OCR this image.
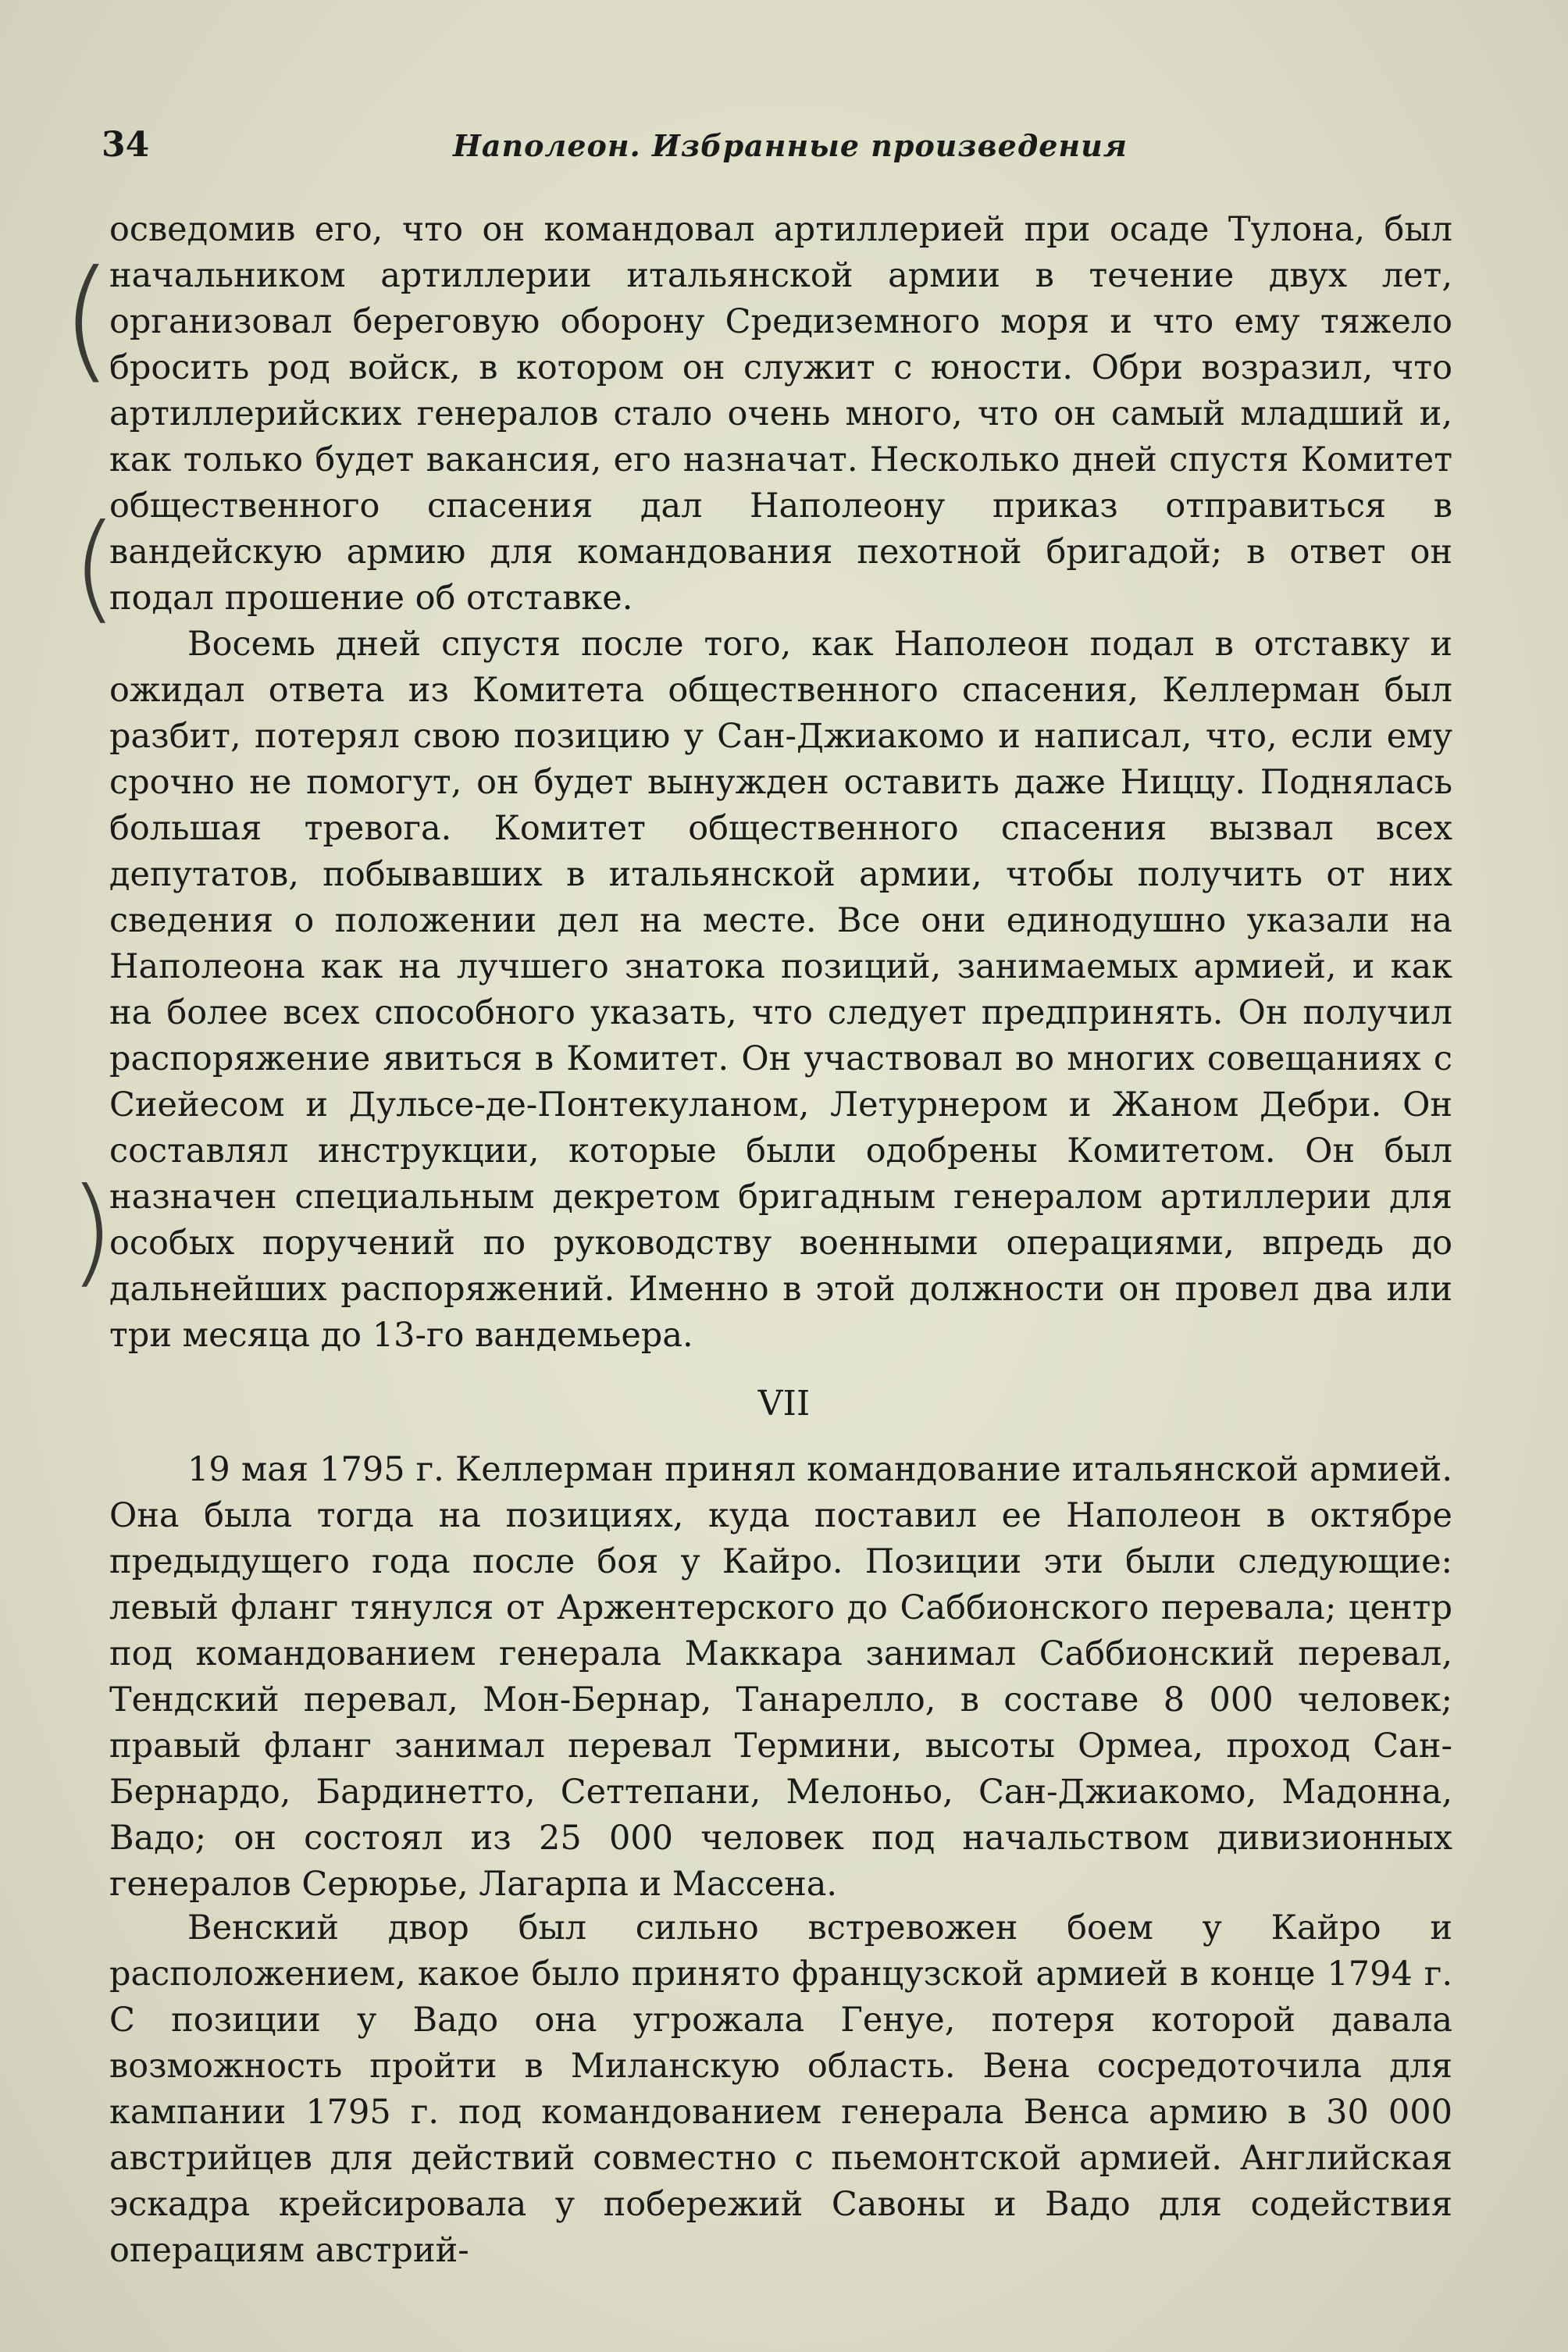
34	Наполеон. Избранные произведения
(
(
)

осведомив его, что он командовал артиллерией при осаде Тулона, был начальником артиллерии итальянской армии в течение двух лет, организовал береговую оборону Средиземного моря и что ему тяжело бросить род войск, в котором он служит с юности. Обри возразил, что артиллерийских генералов стало очень много, что он самый младший и, как только будет вакансия, его назначат. Несколько дней спустя Комитет общественного спасения дал Наполеону приказ отправиться в вандейскую армию для командования пехотной бригадой; в ответ он подал прошение об отставке.

Восемь дней спустя после того, как Наполеон подал в отставку и ожидал ответа из Комитета общественного спасения, Келлерман был разбит, потерял свою позицию у Сан-Джиакомо и написал, что, если ему срочно не помогут, он будет вынужден оставить даже Ниццу. Поднялась большая тревога. Комитет общественного спасения вызвал всех депутатов, побывавших в итальянской армии, чтобы получить от них сведения о положении дел на месте. Все они единодушно указали на Наполеона как на лучшего знатока позиций, занимаемых армией, и как на более всех способного указать, что следует предпринять. Он получил распоряжение явиться в Комитет. Он участвовал во многих совещаниях с Сиейесом и Дульсе-де-Понтекуланом, Летурнером и Жаном Дебри. Он составлял инструкции, которые были одобрены Комитетом. Он был назначен специальным декретом бригадным генералом артиллерии для особых поручений по руководству военными операциями, впредь до дальнейших распоряжений. Именно в этой должности он провел два или три месяца до 13-го вандемьера.

VII

19 мая 1795 г. Келлерман принял командование итальянской армией. Она была тогда на позициях, куда поставил ее Наполеон в октябре предыдущего года после боя у Кайро. Позиции эти были следующие: левый фланг тянулся от Аржентерского до Саббионского перевала; центр под командованием генерала Маккара занимал Саббионский перевал, Тендский перевал, Мон-Бернар, Танарелло, в составе 8 000 человек; правый фланг занимал перевал Термини, высоты Ормеа, проход Сан-Бернардо, Бардинетто, Сеттепани, Мелоньо, Сан-Джиакомо, Мадонна, Вадо; он состоял из 25 000 человек под начальством дивизионных генералов Серюрье, Лагарпа и Массена.

Венский двор был сильно встревожен боем у Кайро и расположением, какое было принято французской армией в конце 1794 г. С позиции у Вадо она угрожала Генуе, потеря которой давала возможность пройти в Миланскую область. Вена сосредоточила для кампании 1795 г. под командованием генерала Венса армию в 30 000 австрийцев для действий совместно с пьемонтской армией. Английская эскадра крейсировала у побережий Савоны и Вадо для содействия операциям австрий-
